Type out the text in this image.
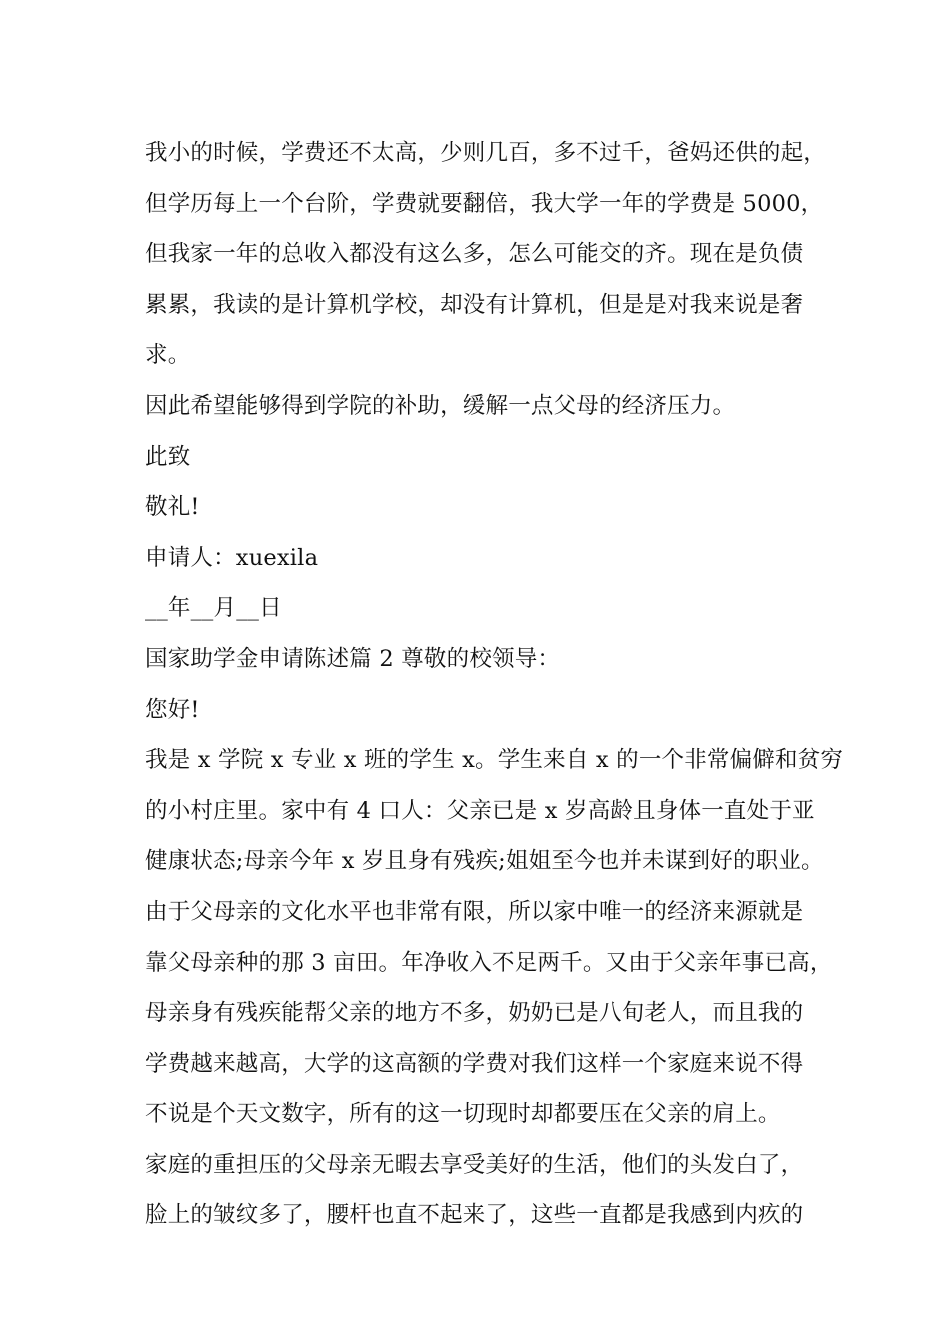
我小的时候，学费还不太高，少则几百，多不过千，爸妈还供的起，
但学历每上一个台阶，学费就要翻倍，我大学一年的学费是 5000，
但我家一年的总收入都没有这么多，怎么可能交的齐。现在是负债
累累，我读的是计算机学校，却没有计算机，但是是对我来说是奢
求。
因此希望能够得到学院的补助，缓解一点父母的经济压力。
此致
敬礼!
申请人：xuexila
__年__月__日
国家助学金申请陈述篇 2 尊敬的校领导：
您好!
我是 x 学院 x 专业 x 班的学生 x。学生来自 x 的一个非常偏僻和贫穷
的小村庄里。家中有 4 口人：父亲已是 x 岁高龄且身体一直处于亚
健康状态;母亲今年 x 岁且身有残疾;姐姐至今也并未谋到好的职业。
由于父母亲的文化水平也非常有限，所以家中唯一的经济来源就是
靠父母亲种的那 3 亩田。年净收入不足两千。又由于父亲年事已高，
母亲身有残疾能帮父亲的地方不多，奶奶已是八旬老人，而且我的
学费越来越高，大学的这高额的学费对我们这样一个家庭来说不得
不说是个天文数字，所有的这一切现时却都要压在父亲的肩上。
家庭的重担压的父母亲无暇去享受美好的生活，他们的头发白了，
脸上的皱纹多了，腰杆也直不起来了，这些一直都是我感到内疚的
